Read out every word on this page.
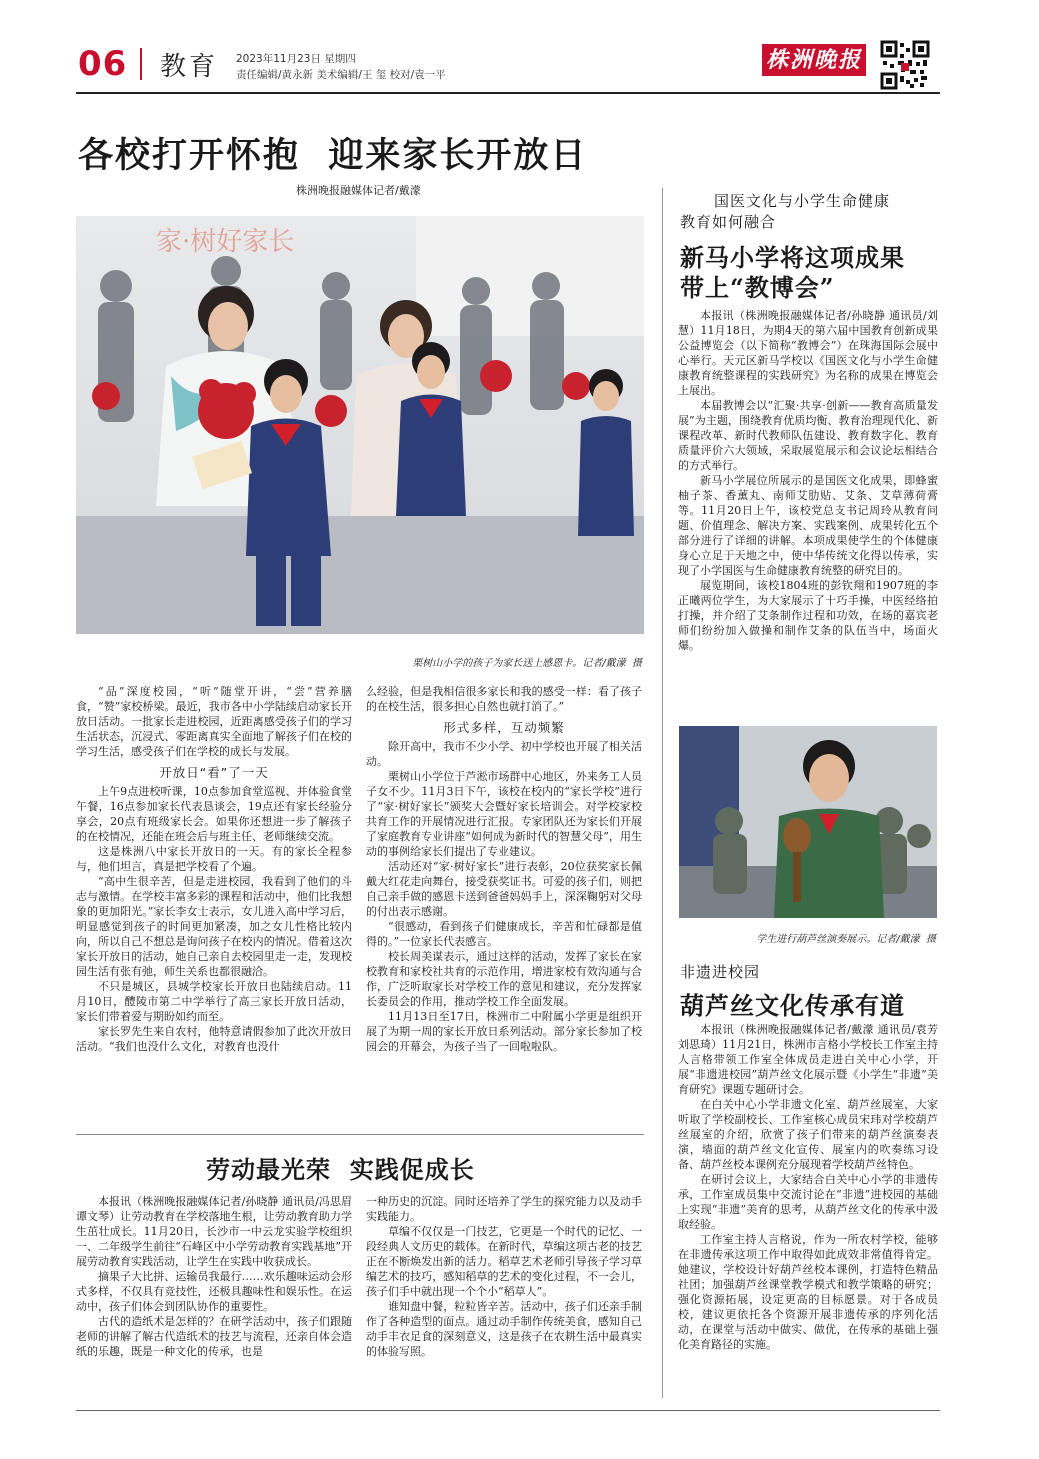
06 教育 2023年11月23日 星期四
责任编辑/黄永新 美术编辑/王 玺 校对/袁一平
株洲晚报
各校打开怀抱  迎来家长开放日
株洲晚报融媒体记者/戴濛
家·树好家长
栗树山小学的孩子为家长送上感恩卡。记者/戴濛  摄

“品”深度校园，“听”随堂开讲，“尝”营养膳食，“赞”家校桥梁。最近，我市各中小学陆续启动家长开放日活动。一批家长走进校园，近距离感受孩子们的学习生活状态，沉浸式、零距离真实全面地了解孩子们在校的学习生活，感受孩子们在学校的成长与发展。

开放日“看”了一天

上午9点进校听课，10点参加食堂巡视、并体验食堂午餐，16点参加家长代表恳谈会，19点还有家长经验分享会，20点有班级家长会。如果你还想进一步了解孩子的在校情况，还能在班会后与班主任、老师继续交流。

这是株洲八中家长开放日的一天。有的家长全程参与，他们坦言，真是把学校看了个遍。

“高中生很辛苦，但是走进校园，我看到了他们的斗志与激情。在学校丰富多彩的课程和活动中，他们比我想象的更加阳光。”家长李女士表示，女儿进入高中学习后，明显感觉到孩子的时间更加紧凑，加之女儿性格比较内向，所以自己不想总是询问孩子在校内的情况。借着这次家长开放日的活动，她自己亲自去校园里走一走，发现校园生活有张有弛，师生关系也都很融洽。

不只是城区，县城学校家长开放日也陆续启动。11月10日，醴陵市第二中学举行了高三家长开放日活动，家长们带着爱与期盼如约而至。

家长罗先生来自农村，他特意请假参加了此次开放日活动。“我们也没什么文化，对教育也没什

么经验，但是我相信很多家长和我的感受一样：看了孩子的在校生活，很多担心自然也就打消了。”

形式多样，互动频繁

除开高中，我市不少小学、初中学校也开展了相关活动。

栗树山小学位于芦淞市场群中心地区，外来务工人员子女不少。11月3日下午，该校在校内的“家长学校”进行了“家·树好家长”颁奖大会暨好家长培训会。对学校家校共育工作的开展情况进行汇报。专家团队还为家长们开展了家庭教育专业讲座“如何成为新时代的智慧父母”，用生动的事例给家长们提出了专业建议。

活动还对“家·树好家长”进行表彰，20位获奖家长佩戴大红花走向舞台，接受获奖证书。可爱的孩子们，则把自己亲手做的感恩卡送到爸爸妈妈手上，深深鞠躬对父母的付出表示感谢。

“很感动，看到孩子们健康成长，辛苦和忙碌都是值得的。”一位家长代表感言。

校长周美谋表示，通过这样的活动，发挥了家长在家校教育和家校社共育的示范作用，增进家校有效沟通与合作，广泛听取家长对学校工作的意见和建议，充分发挥家长委员会的作用，推动学校工作全面发展。

11月13日至17日，株洲市二中附属小学更是组织开展了为期一周的家长开放日系列活动。部分家长参加了校园会的开幕会，为孩子当了一回啦啦队。

国医文化与小学生命健康
教育如何融合
新马小学将这项成果
带上“教博会”

本报讯（株洲晚报融媒体记者/孙晓静 通讯员/刘慧）11月18日，为期4天的第六届中国教育创新成果公益博览会（以下简称“教博会”）在珠海国际会展中心举行。天元区新马学校以《国医文化与小学生命健康教育统整课程的实践研究》为名称的成果在博览会上展出。

本届教博会以“汇聚·共享·创新——教育高质量发展”为主题，围绕教育优质均衡、教育治理现代化、新课程改革、新时代教师队伍建设、教育数字化、教育质量评价六大领域，采取展览展示和会议论坛相结合的方式举行。

新马小学展位所展示的是国医文化成果，即蜂蜜柚子茶、香薰丸、南师艾肋贴、艾条、艾草薄荷膏等。11月20日上午，该校党总支书记周玲从教育问题、价值理念、解决方案、实践案例、成果转化五个部分进行了详细的讲解。本项成果使学生的个体健康身心立足于天地之中，使中华传统文化得以传承，实现了小学国医与生命健康教育统整的研究目的。

展览期间，该校1804班的彭钦翔和1907班的李正曦两位学生，为大家展示了十巧手操，中医经络拍打操，并介绍了艾条制作过程和功效，在场的嘉宾老师们纷纷加入做操和制作艾条的队伍当中，场面火爆。

学生进行葫芦丝演奏展示。记者/戴濛  摄
非遗进校园
葫芦丝文化传承有道

本报讯（株洲晚报融媒体记者/戴濛 通讯员/袁芳 刘思琦）11月21日，株洲市言格小学校长工作室主持人言格带领工作室全体成员走进白关中心小学，开展“非遗进校园”葫芦丝文化展示暨《小学生“非遗”美育研究》课题专题研讨会。

在白关中心小学非遗文化室、葫芦丝展室，大家听取了学校副校长、工作室核心成员宋玮对学校葫芦丝展室的介绍，欣赏了孩子们带来的葫芦丝演奏表演，墙面的葫芦丝文化宣传、展室内的吹奏练习设备、葫芦丝校本课例充分展现着学校葫芦丝特色。

在研讨会议上，大家结合白关中心小学的非遗传承，工作室成员集中交流讨论在“非遗”进校园的基础上实现“非遗”美育的思考，从葫芦丝文化的传承中汲取经验。

工作室主持人言格说，作为一所农村学校，能够在非遗传承这项工作中取得如此成效非常值得肯定。她建议，学校设计好葫芦丝校本课例，打造特色精品社团；加强葫芦丝课堂教学模式和教学策略的研究；强化资源拓展，设定更高的目标愿景。对于各成员校，建议更依托各个资源开展非遗传承的序列化活动，在课堂与活动中做实、做优，在传承的基础上强化美育路径的实施。

劳动最光荣  实践促成长

本报讯（株洲晚报融媒体记者/孙晓静 通讯员/冯思眉 谭文琴）让劳动教育在学校落地生根，让劳动教育助力学生茁壮成长。11月20日，长沙市一中云龙实验学校组织一、二年级学生前往“石峰区中小学劳动教育实践基地”开展劳动教育实践活动，让学生在实践中收获成长。

摘果子大比拼、运输员我最行……欢乐趣味运动会形式多样，不仅具有竞技性，还极具趣味性和娱乐性。在运动中，孩子们体会到团队协作的重要性。

古代的造纸术是怎样的？在研学活动中，孩子们跟随老师的讲解了解古代造纸术的技艺与流程，还亲自体会造纸的乐趣，既是一种文化的传承，也是

一种历史的沉淀。同时还培养了学生的探究能力以及动手实践能力。

草编不仅仅是一门技艺，它更是一个时代的记忆、一段经典人文历史的载体。在新时代，草编这项古老的技艺正在不断焕发出新的活力。稻草艺术老师引导孩子学习草编艺术的技巧，感知稻草的艺术的变化过程，不一会儿，孩子们手中就出现一个个小“稻草人”。

谁知盘中餐，粒粒皆辛苦。活动中，孩子们还亲手制作了各种造型的面点。通过动手制作传统美食，感知自己动手丰衣足食的深刻意义，这是孩子在农耕生活中最真实的体验写照。
